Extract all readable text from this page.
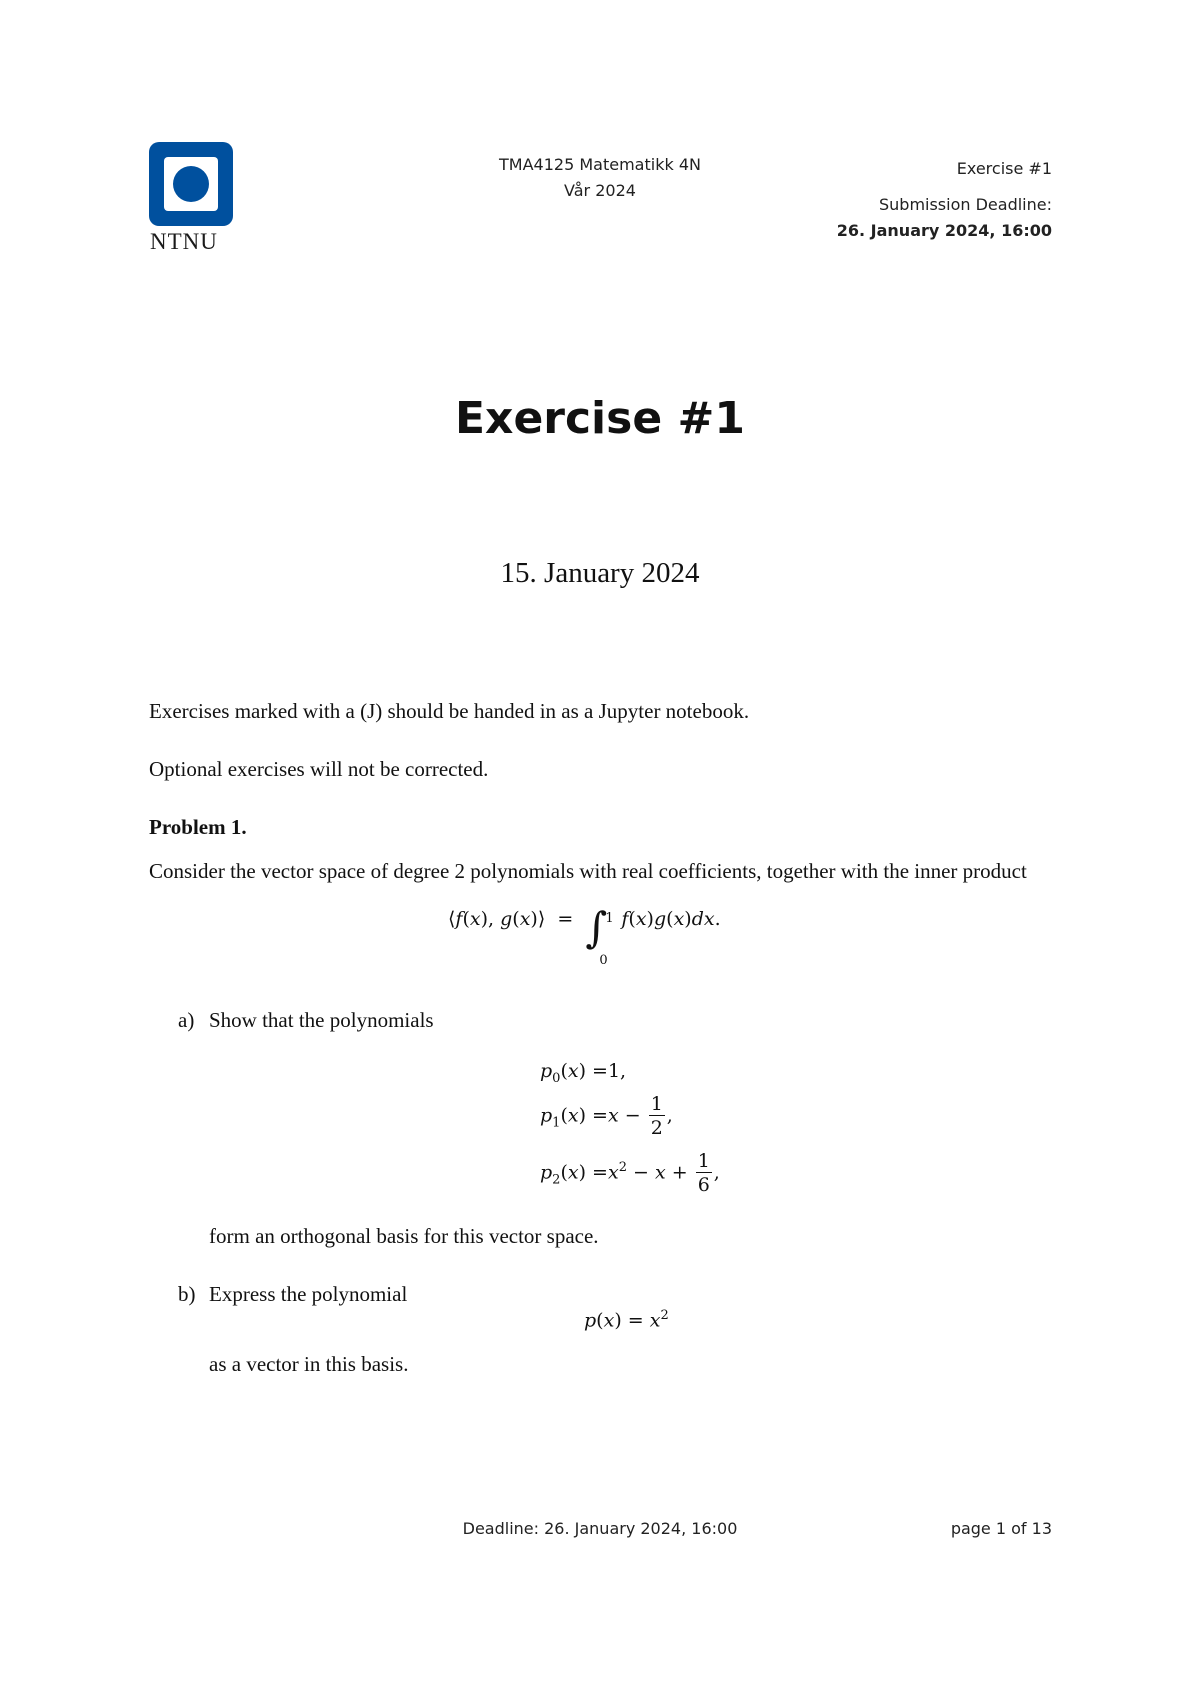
NTNU
TMA4125 Matematikk 4N
Vår 2024
Exercise #1
Submission Deadline:
26. January 2024, 16:00
Exercise #1
15. January 2024
Exercises marked with a (J) should be handed in as a Jupyter notebook.
Optional exercises will not be corrected.
Problem 1.
Consider the vector space of degree 2 polynomials with real coefficients, together with the inner product
⟨f(x), g(x)⟩  = ∫
1
0
f(x)g(x)dx.
a) Show that the polynomials
$p_0(x) =1$,
$p_1(x) =x - \frac{1}{2}$ ,
$p_2(x) =x^2 - x + \frac{1}{6}$ ,
form an orthogonal basis for this vector space.
b) Express the polynomial
$p(x) = x^2$
as a vector in this basis.
Deadline: 26. January 2024, 16:00	page 1 of 13
